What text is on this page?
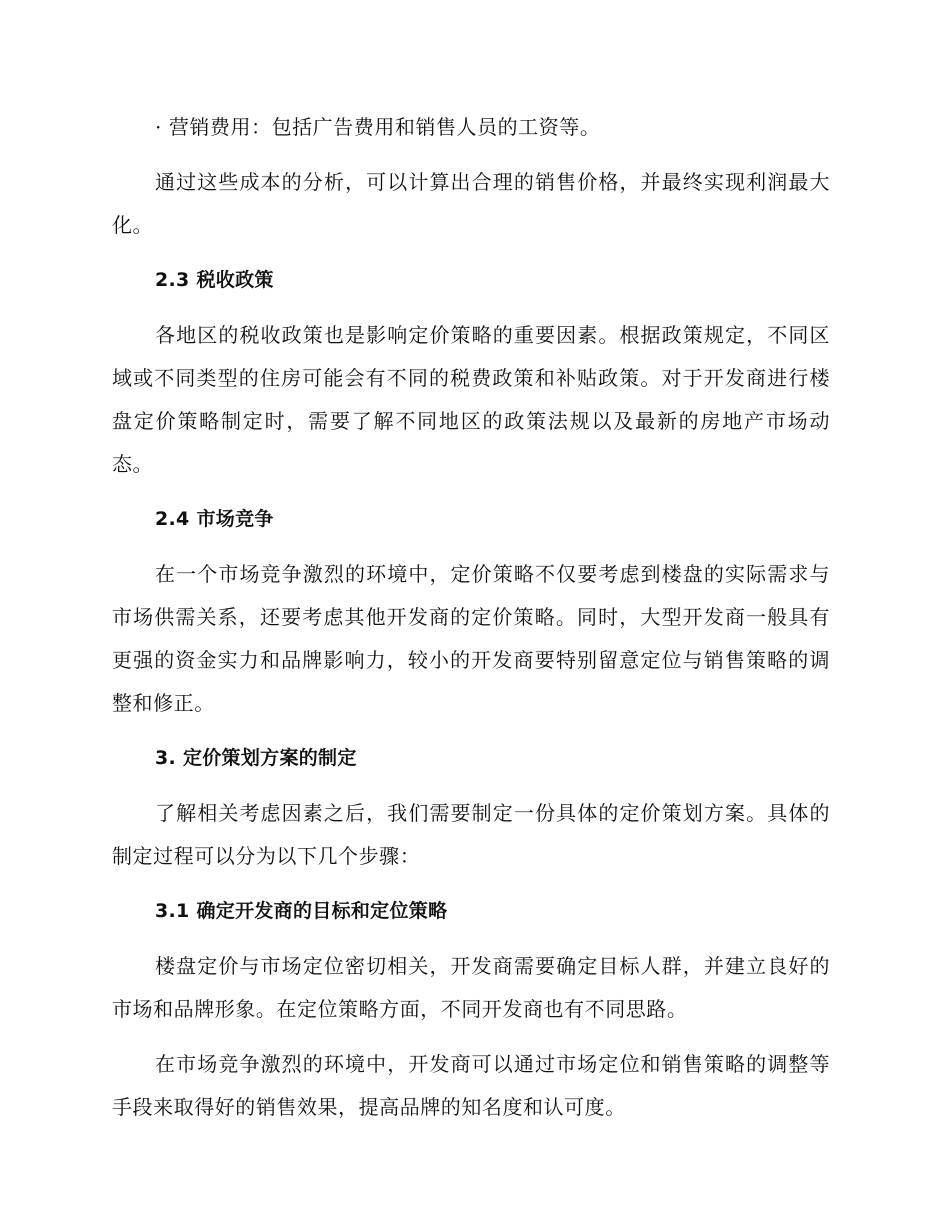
· 营销费用：包括广告费用和销售人员的工资等。

通过这些成本的分析，可以计算出合理的销售价格，并最终实现利润最大化。

2.3 税收政策

各地区的税收政策也是影响定价策略的重要因素。根据政策规定，不同区域或不同类型的住房可能会有不同的税费政策和补贴政策。对于开发商进行楼盘定价策略制定时，需要了解不同地区的政策法规以及最新的房地产市场动态。

2.4 市场竞争

在一个市场竞争激烈的环境中，定价策略不仅要考虑到楼盘的实际需求与市场供需关系，还要考虑其他开发商的定价策略。同时，大型开发商一般具有更强的资金实力和品牌影响力，较小的开发商要特别留意定位与销售策略的调整和修正。

3. 定价策划方案的制定

了解相关考虑因素之后，我们需要制定一份具体的定价策划方案。具体的制定过程可以分为以下几个步骤：

3.1 确定开发商的目标和定位策略

楼盘定价与市场定位密切相关，开发商需要确定目标人群，并建立良好的市场和品牌形象。在定位策略方面，不同开发商也有不同思路。

在市场竞争激烈的环境中，开发商可以通过市场定位和销售策略的调整等手段来取得好的销售效果，提高品牌的知名度和认可度。
